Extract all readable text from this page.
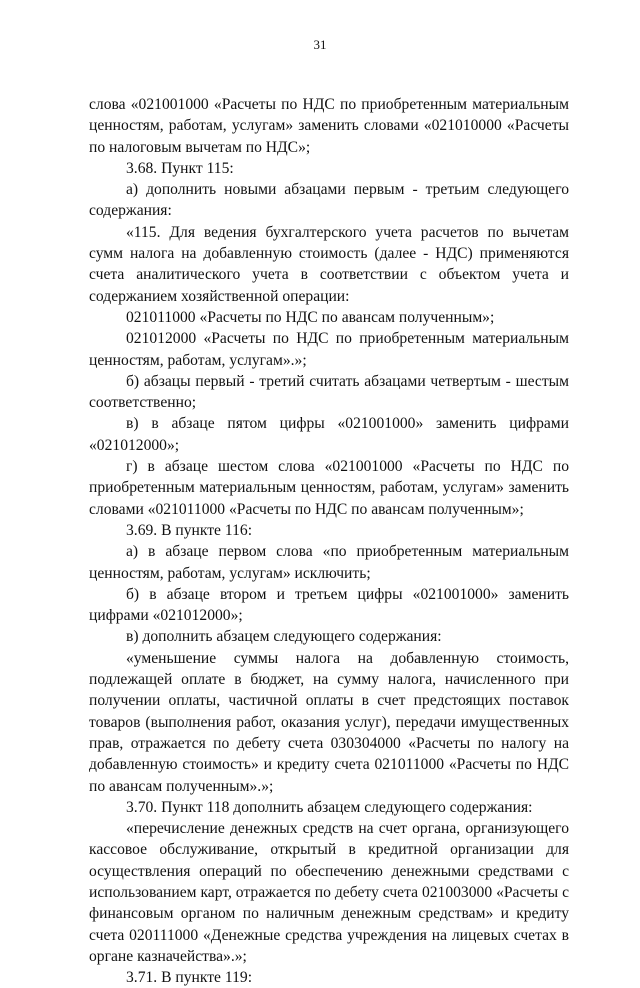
31

слова «021001000 «Расчеты по НДС по приобретенным материальным ценностям, работам, услугам» заменить словами «021010000 «Расчеты по налоговым вычетам по НДС»;

3.68. Пункт 115:

а) дополнить новыми абзацами первым - третьим следующего содержания:

«115. Для ведения бухгалтерского учета расчетов по вычетам сумм налога на добавленную стоимость (далее - НДС) применяются счета аналитического учета в соответствии с объектом учета и содержанием хозяйственной операции:

021011000 «Расчеты по НДС по авансам полученным»;

021012000 «Расчеты по НДС по приобретенным материальным ценностям, работам, услугам».»;

б) абзацы первый - третий считать абзацами четвертым - шестым соответственно;

в) в абзаце пятом цифры «021001000» заменить цифрами «021012000»;

г) в абзаце шестом слова «021001000 «Расчеты по НДС по приобретенным материальным ценностям, работам, услугам» заменить словами «021011000 «Расчеты по НДС по авансам полученным»;

3.69. В пункте 116:

а) в абзаце первом слова «по приобретенным материальным ценностям, работам, услугам» исключить;

б) в абзаце втором и третьем цифры «021001000» заменить цифрами «021012000»;

в) дополнить абзацем следующего содержания:

«уменьшение суммы налога на добавленную стоимость, подлежащей оплате в бюджет, на сумму налога, начисленного при получении оплаты, частичной оплаты в счет предстоящих поставок товаров (выполнения работ, оказания услуг), передачи имущественных прав, отражается по дебету счета 030304000 «Расчеты по налогу на добавленную стоимость» и кредиту счета 021011000 «Расчеты по НДС по авансам полученным».»;

3.70. Пункт 118 дополнить абзацем следующего содержания:

«перечисление денежных средств на счет органа, организующего кассовое обслуживание, открытый в кредитной организации для осуществления операций по обеспечению денежными средствами с использованием карт, отражается по дебету счета 021003000 «Расчеты с финансовым органом по наличным денежным средствам» и кредиту счета 020111000 «Денежные средства учреждения на лицевых счетах в органе казначейства».»;

3.71. В пункте 119:
